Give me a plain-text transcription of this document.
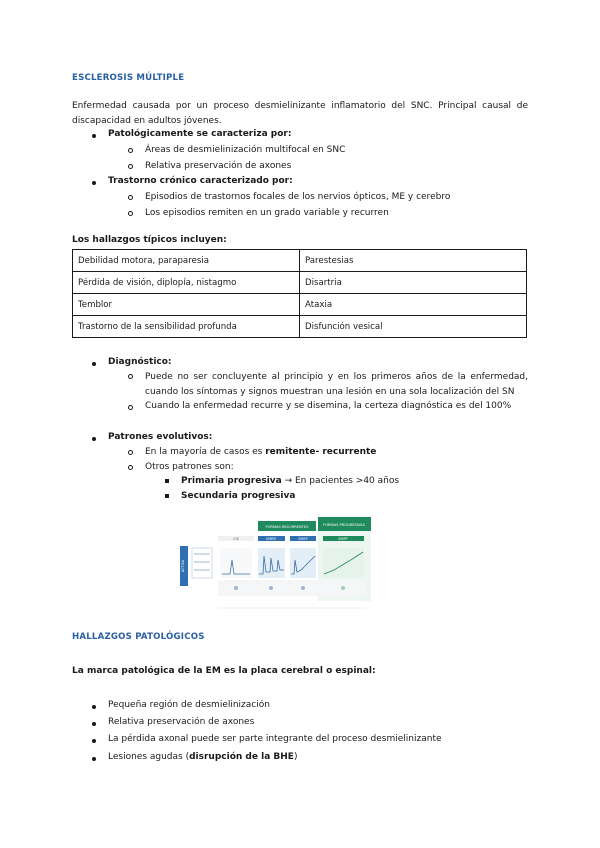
ESCLEROSIS MÚLTIPLE
Enfermedad causada por un proceso desmielinizante inflamatorio del SNC. Principal causal de discapacidad en adultos jóvenes.
Patológicamente se caracteriza por:
Áreas de desmielinización multifocal en SNC
Relativa preservación de axones
Trastorno crónico caracterizado por:
Episodios de trastornos focales de los nervios ópticos, ME y cerebro
Los episodios remiten en un grado variable y recurren
Los hallazgos típicos incluyen:
Debilidad motora, paraparesia	Parestesias
Pérdida de visión, diplopía, nistagmo	Disartria
Temblor	Ataxia
Trastorno de la sensibilidad profunda	Disfunción vesical
Diagnóstico:
Puede no ser concluyente al principio y en los primeros años de la enfermedad, cuando los síntomas y signos muestran una lesión en una sola localización del SN
Cuando la enfermedad recurre y se disemina, la certeza diagnóstica es del 100%
Patrones evolutivos:
En la mayoría de casos es remitente- recurrente
Otros patrones son:
Primaria progresiva → En pacientes >40 años
Secundaria progresiva
FORMAS RECURRENTES	FORMAS PROGRESIVAS
CIS	EMRR	EMSP	EMPP
ACTIVA
HALLAZGOS PATOLÓGICOS
La marca patológica de la EM es la placa cerebral o espinal:
Pequeña región de desmielinización
Relativa preservación de axones
La pérdida axonal puede ser parte integrante del proceso desmielinizante
Lesiones agudas (disrupción de la BHE)
